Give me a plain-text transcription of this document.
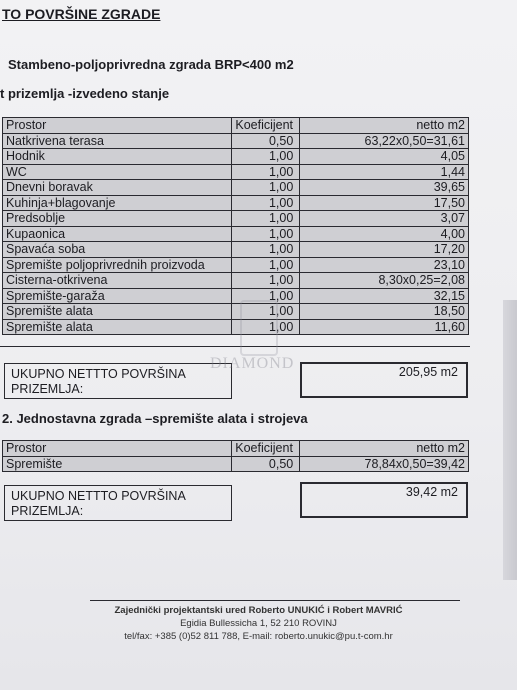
TO POVRŠINE ZGRADE
Stambeno-poljoprivredna zgrada BRP<400 m2
t prizemlja -izvedeno stanje
Prostor	Koeficijent	netto m2
Natkrivena terasa	0,50	63,22x0,50=31,61
Hodnik	1,00	4,05
WC	1,00	1,44
Dnevni boravak	1,00	39,65
Kuhinja+blagovanje	1,00	17,50
Predsoblje	1,00	3,07
Kupaonica	1,00	4,00
Spavaća soba	1,00	17,20
Spremište poljoprivrednih proizvoda	1,00	23,10
Cisterna-otkrivena	1,00	8,30x0,25=2,08
Spremište-garaža	1,00	32,15
Spremište alata	1,00	18,50
Spremište alata	1,00	11,60
UKUPNO NETTTO POVRŠINA PRIZEMLJA:
205,95 m2
DIAMOND
2. Jednostavna zgrada –spremište alata i strojeva
Prostor	Koeficijent	netto m2
Spremište	0,50	78,84x0,50=39,42
UKUPNO NETTTO POVRŠINA PRIZEMLJA:
39,42 m2
Zajednički projektantski ured Roberto UNUKIĆ i Robert MAVRIĆ
Egidia Bullessicha 1, 52 210 ROVINJ
tel/fax: +385 (0)52 811 788, E-mail: roberto.unukic@pu.t-com.hr
